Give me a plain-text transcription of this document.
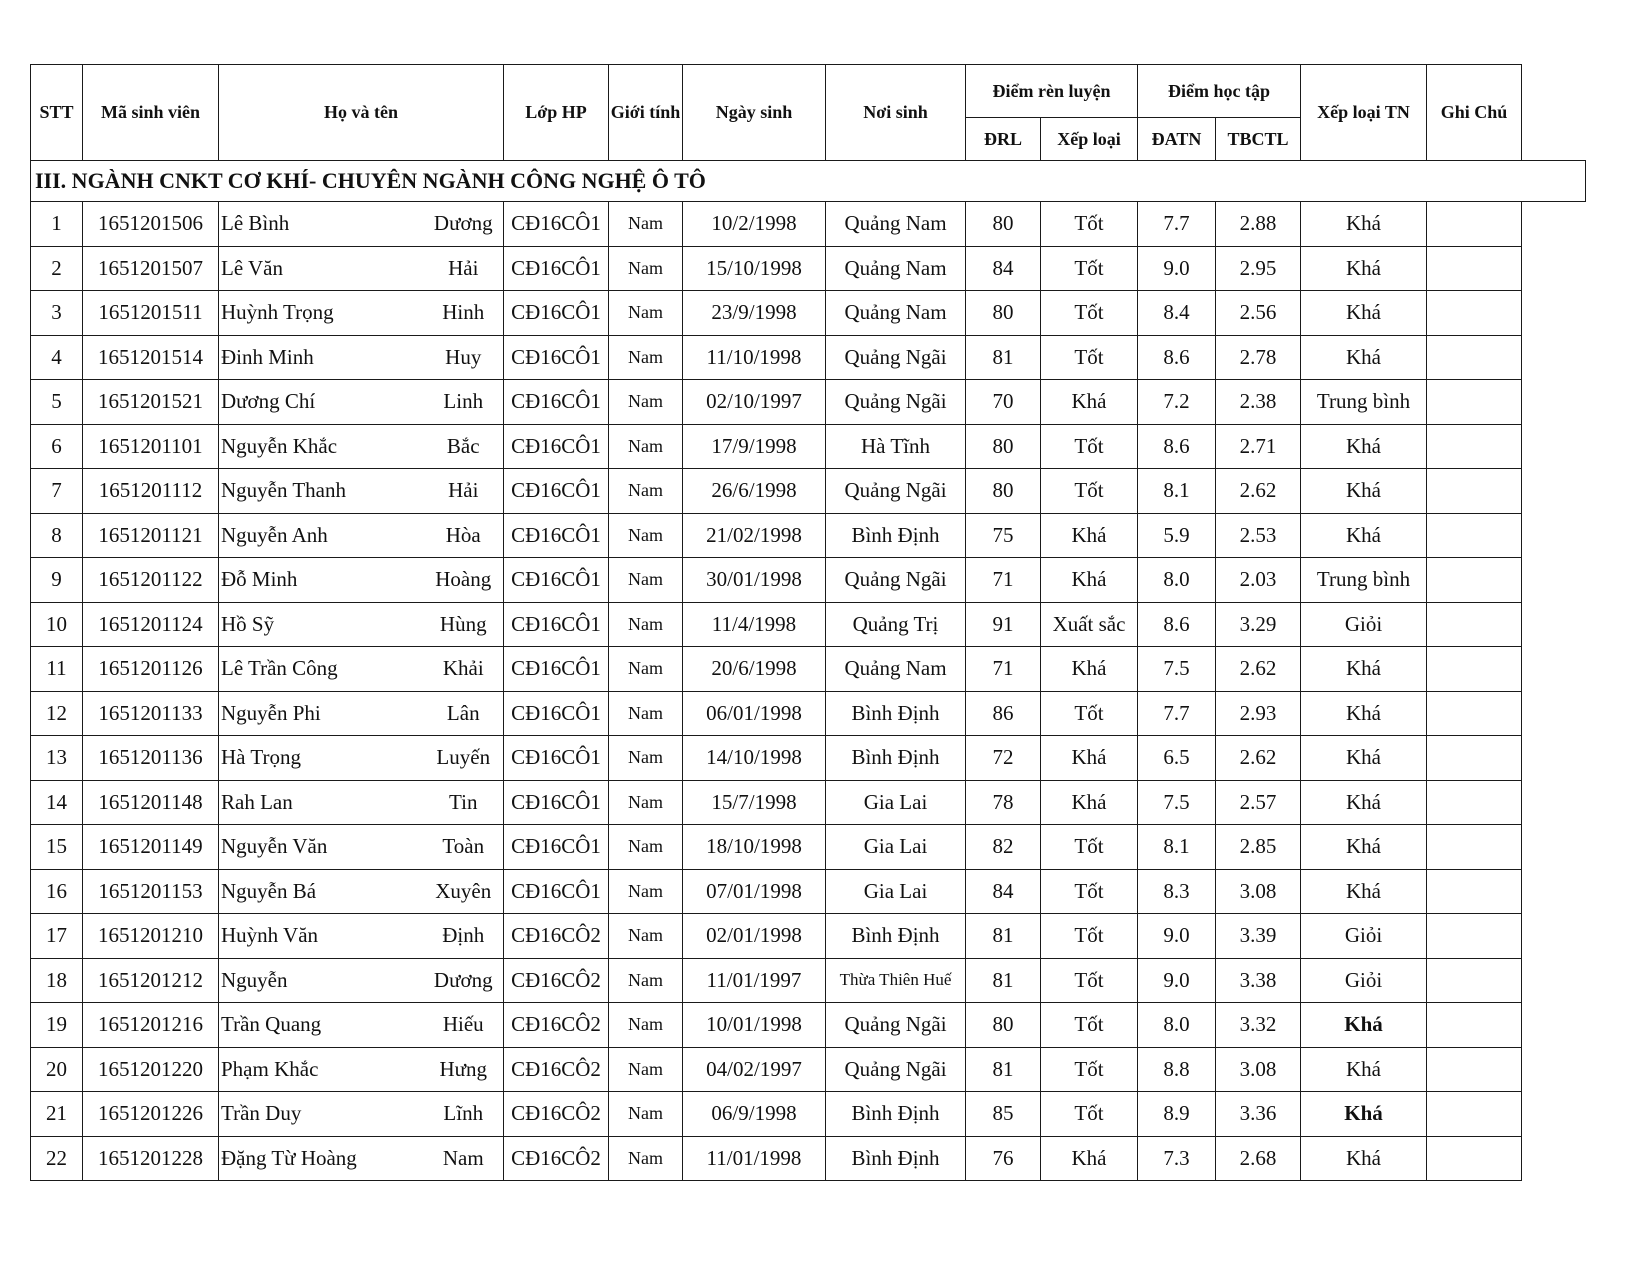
STT	Mã sinh viên	Họ và tên		Lớp HP	Giới tính	Ngày sinh	Nơi sinh	Điểm rèn luyện		Điểm học tập		Xếp loại TN	Ghi Chú
								ĐRL	Xếp loại	ĐATN	TBCTL		
III. NGÀNH CNKT CƠ KHÍ- CHUYÊN NGÀNH CÔNG NGHỆ Ô TÔ													
1	1651201506	Lê Bình	Dương	CĐ16CÔ1	Nam	10/2/1998	Quảng Nam	80	Tốt	7.7	2.88	Khá	
2	1651201507	Lê Văn	Hải	CĐ16CÔ1	Nam	15/10/1998	Quảng Nam	84	Tốt	9.0	2.95	Khá	
3	1651201511	Huỳnh Trọng	Hinh	CĐ16CÔ1	Nam	23/9/1998	Quảng Nam	80	Tốt	8.4	2.56	Khá	
4	1651201514	Đinh Minh	Huy	CĐ16CÔ1	Nam	11/10/1998	Quảng Ngãi	81	Tốt	8.6	2.78	Khá	
5	1651201521	Dương Chí	Linh	CĐ16CÔ1	Nam	02/10/1997	Quảng Ngãi	70	Khá	7.2	2.38	Trung bình	
6	1651201101	Nguyễn Khắc	Bắc	CĐ16CÔ1	Nam	17/9/1998	Hà Tĩnh	80	Tốt	8.6	2.71	Khá	
7	1651201112	Nguyễn Thanh	Hải	CĐ16CÔ1	Nam	26/6/1998	Quảng Ngãi	80	Tốt	8.1	2.62	Khá	
8	1651201121	Nguyễn Anh	Hòa	CĐ16CÔ1	Nam	21/02/1998	Bình Định	75	Khá	5.9	2.53	Khá	
9	1651201122	Đỗ Minh	Hoàng	CĐ16CÔ1	Nam	30/01/1998	Quảng Ngãi	71	Khá	8.0	2.03	Trung bình	
10	1651201124	Hồ Sỹ	Hùng	CĐ16CÔ1	Nam	11/4/1998	Quảng Trị	91	Xuất sắc	8.6	3.29	Giỏi	
11	1651201126	Lê Trần Công	Khải	CĐ16CÔ1	Nam	20/6/1998	Quảng Nam	71	Khá	7.5	2.62	Khá	
12	1651201133	Nguyễn Phi	Lân	CĐ16CÔ1	Nam	06/01/1998	Bình Định	86	Tốt	7.7	2.93	Khá	
13	1651201136	Hà Trọng	Luyến	CĐ16CÔ1	Nam	14/10/1998	Bình Định	72	Khá	6.5	2.62	Khá	
14	1651201148	Rah Lan	Tin	CĐ16CÔ1	Nam	15/7/1998	Gia Lai	78	Khá	7.5	2.57	Khá	
15	1651201149	Nguyễn Văn	Toàn	CĐ16CÔ1	Nam	18/10/1998	Gia Lai	82	Tốt	8.1	2.85	Khá	
16	1651201153	Nguyễn Bá	Xuyên	CĐ16CÔ1	Nam	07/01/1998	Gia Lai	84	Tốt	8.3	3.08	Khá	
17	1651201210	Huỳnh Văn	Định	CĐ16CÔ2	Nam	02/01/1998	Bình Định	81	Tốt	9.0	3.39	Giỏi	
18	1651201212	Nguyễn	Dương	CĐ16CÔ2	Nam	11/01/1997	Thừa Thiên Huế	81	Tốt	9.0	3.38	Giỏi	
19	1651201216	Trần Quang	Hiếu	CĐ16CÔ2	Nam	10/01/1998	Quảng Ngãi	80	Tốt	8.0	3.32	Khá	
20	1651201220	Phạm Khắc	Hưng	CĐ16CÔ2	Nam	04/02/1997	Quảng Ngãi	81	Tốt	8.8	3.08	Khá	
21	1651201226	Trần Duy	Lĩnh	CĐ16CÔ2	Nam	06/9/1998	Bình Định	85	Tốt	8.9	3.36	Khá	
22	1651201228	Đặng Từ Hoàng	Nam	CĐ16CÔ2	Nam	11/01/1998	Bình Định	76	Khá	7.3	2.68	Khá	
